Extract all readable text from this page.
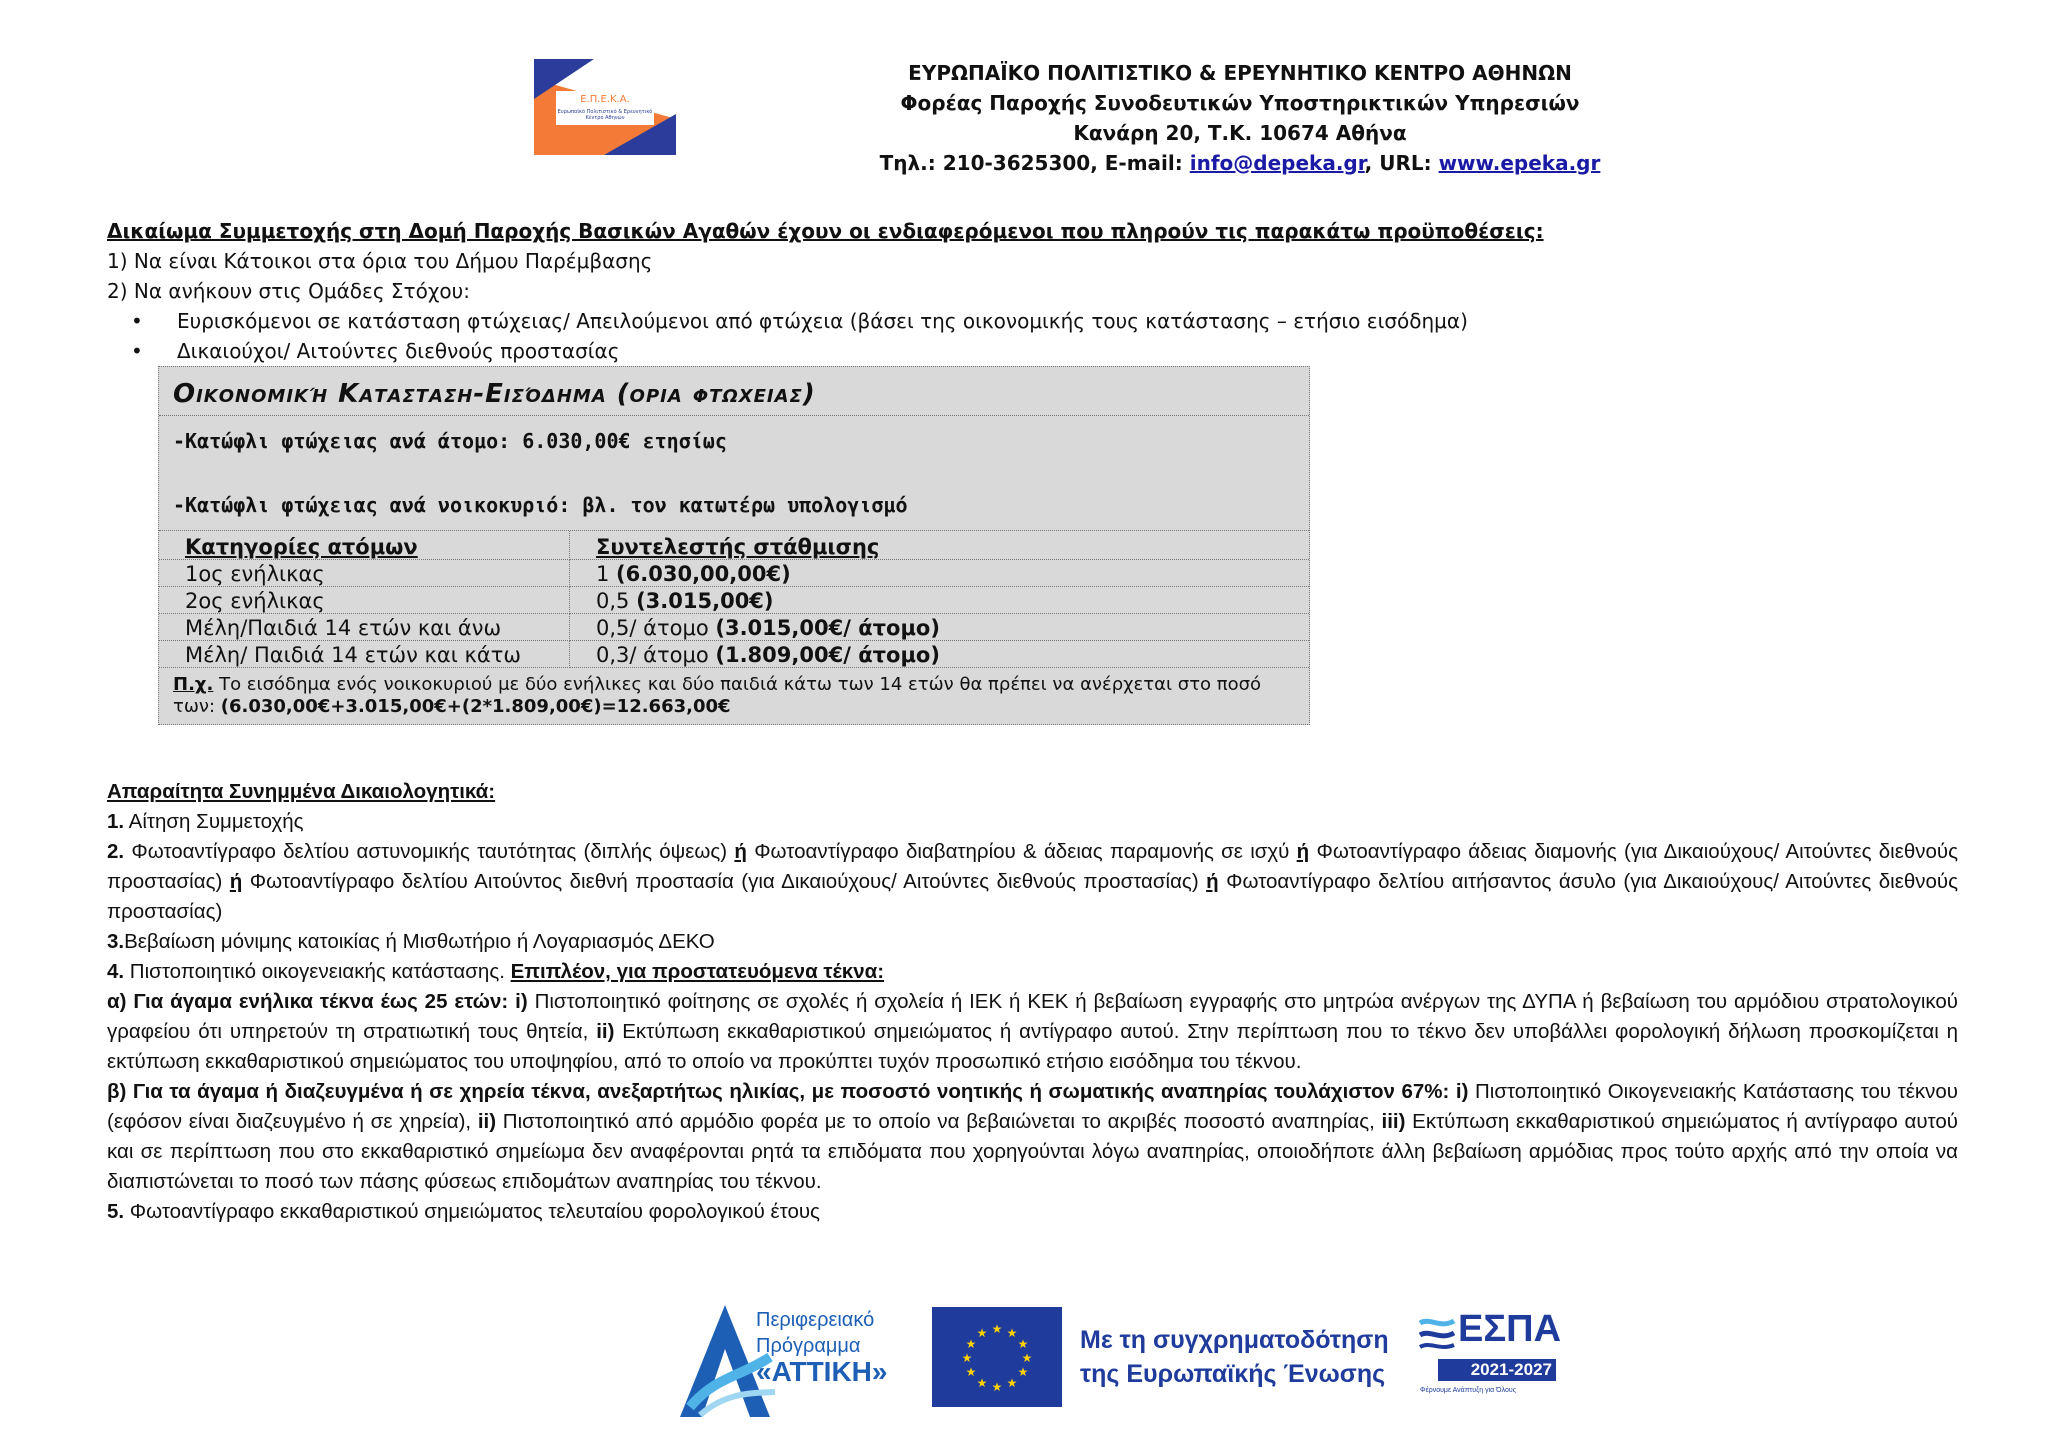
Ε.Π.Ε.Κ.Α.
Ευρωπαϊκό Πολιτιστικό & Ερευνητικό Κέντρο Αθηνών
ΕΥΡΩΠΑΪΚΟ ΠΟΛΙΤΙΣΤΙΚΟ & ΕΡΕΥΝΗΤΙΚΟ ΚΕΝΤΡΟ ΑΘΗΝΩΝ
Φορέας Παροχής Συνοδευτικών Υποστηρικτικών Υπηρεσιών
Κανάρη 20, Τ.Κ. 10674 Αθήνα
Τηλ.: 210-3625300, E-mail: info@depeka.gr, URL: www.epeka.gr
Δικαίωμα Συμμετοχής στη Δομή Παροχής Βασικών Αγαθών έχουν οι ενδιαφερόμενοι που πληρούν τις παρακάτω προϋποθέσεις:
1) Να είναι Κάτοικοι στα όρια του Δήμου Παρέμβασης
2) Να ανήκουν στις Ομάδες Στόχου:
• Ευρισκόμενοι σε κατάσταση φτώχειας/ Απειλούμενοι από φτώχεια (βάσει της οικονομικής τους κατάστασης – ετήσιο εισόδημα)
• Δικαιούχοι/ Αιτούντες διεθνούς προστασίας
Οικονομική Κατασταση-Εισόδημα (ορια φτωχειας)
-Κατώφλι φτώχειας ανά άτομο: 6.030,00€ ετησίως
-Κατώφλι φτώχειας ανά νοικοκυριό: βλ. τον κατωτέρω υπολογισμό
Κατηγορίες ατόμων	Συντελεστής στάθμισης
1ος ενήλικας	1 (6.030,00,00€)
2ος ενήλικας	0,5 (3.015,00€)
Μέλη/Παιδιά 14 ετών και άνω	0,5/ άτομο (3.015,00€/ άτομο)
Μέλη/ Παιδιά 14 ετών και κάτω	0,3/ άτομο (1.809,00€/ άτομο)
Π.χ. Το εισόδημα ενός νοικοκυριού με δύο ενήλικες και δύο παιδιά κάτω των 14 ετών θα πρέπει να ανέρχεται στο ποσό των: (6.030,00€+3.015,00€+(2*1.809,00€)=12.663,00€

Απαραίτητα Συνημμένα Δικαιολογητικά:

1. Αίτηση Συμμετοχής

2. Φωτοαντίγραφο δελτίου αστυνομικής ταυτότητας (διπλής όψεως) ή Φωτοαντίγραφο διαβατηρίου & άδειας παραμονής σε ισχύ ή Φωτοαντίγραφο άδειας διαμονής (για Δικαιούχους/ Αιτούντες διεθνούς προστασίας) ή Φωτοαντίγραφο δελτίου Αιτούντος διεθνή προστασία (για Δικαιούχους/ Αιτούντες διεθνούς προστασίας) ή Φωτοαντίγραφο δελτίου αιτήσαντος άσυλο (για Δικαιούχους/ Αιτούντες διεθνούς προστασίας)

3.Βεβαίωση μόνιμης κατοικίας ή Μισθωτήριο ή Λογαριασμός ΔΕΚΟ

4. Πιστοποιητικό οικογενειακής κατάστασης. Επιπλέον, για προστατευόμενα τέκνα:

α) Για άγαμα ενήλικα τέκνα έως 25 ετών: i) Πιστοποιητικό φοίτησης σε σχολές ή σχολεία ή ΙΕΚ ή ΚΕΚ ή βεβαίωση εγγραφής στο μητρώα ανέργων της ΔΥΠΑ ή βεβαίωση του αρμόδιου στρατολογικού γραφείου ότι υπηρετούν τη στρατιωτική τους θητεία, ii) Εκτύπωση εκκαθαριστικού σημειώματος ή αντίγραφο αυτού. Στην περίπτωση που το τέκνο δεν υποβάλλει φορολογική δήλωση προσκομίζεται η εκτύπωση εκκαθαριστικού σημειώματος του υποψηφίου, από το οποίο να προκύπτει τυχόν προσωπικό ετήσιο εισόδημα του τέκνου.

β) Για τα άγαμα ή διαζευγμένα ή σε χηρεία τέκνα, ανεξαρτήτως ηλικίας, με ποσοστό νοητικής ή σωματικής αναπηρίας τουλάχιστον 67%: i) Πιστοποιητικό Οικογενειακής Κατάστασης του τέκνου (εφόσον είναι διαζευγμένο ή σε χηρεία), ii) Πιστοποιητικό από αρμόδιο φορέα με το οποίο να βεβαιώνεται το ακριβές ποσοστό αναπηρίας, iii) Εκτύπωση εκκαθαριστικού σημειώματος ή αντίγραφο αυτού και σε περίπτωση που στο εκκαθαριστικό σημείωμα δεν αναφέρονται ρητά τα επιδόματα που χορηγούνται λόγω αναπηρίας, οποιοδήποτε άλλη βεβαίωση αρμόδιας προς τούτο αρχής από την οποία να διαπιστώνεται το ποσό των πάσης φύσεως επιδομάτων αναπηρίας του τέκνου.

5. Φωτοαντίγραφο εκκαθαριστικού σημειώματος τελευταίου φορολογικού έτους

Περιφερειακό
Πρόγραμμα
«ΑΤΤΙΚΗ»
★ ★
★
★
★
★
★
★
★
★
★
★	Με τη συγχρηματοδότηση
της Ευρωπαϊκής Ένωσης
ΕΣΠΑ
2021-2027
Φέρνουμε Ανάπτυξη για Όλους
